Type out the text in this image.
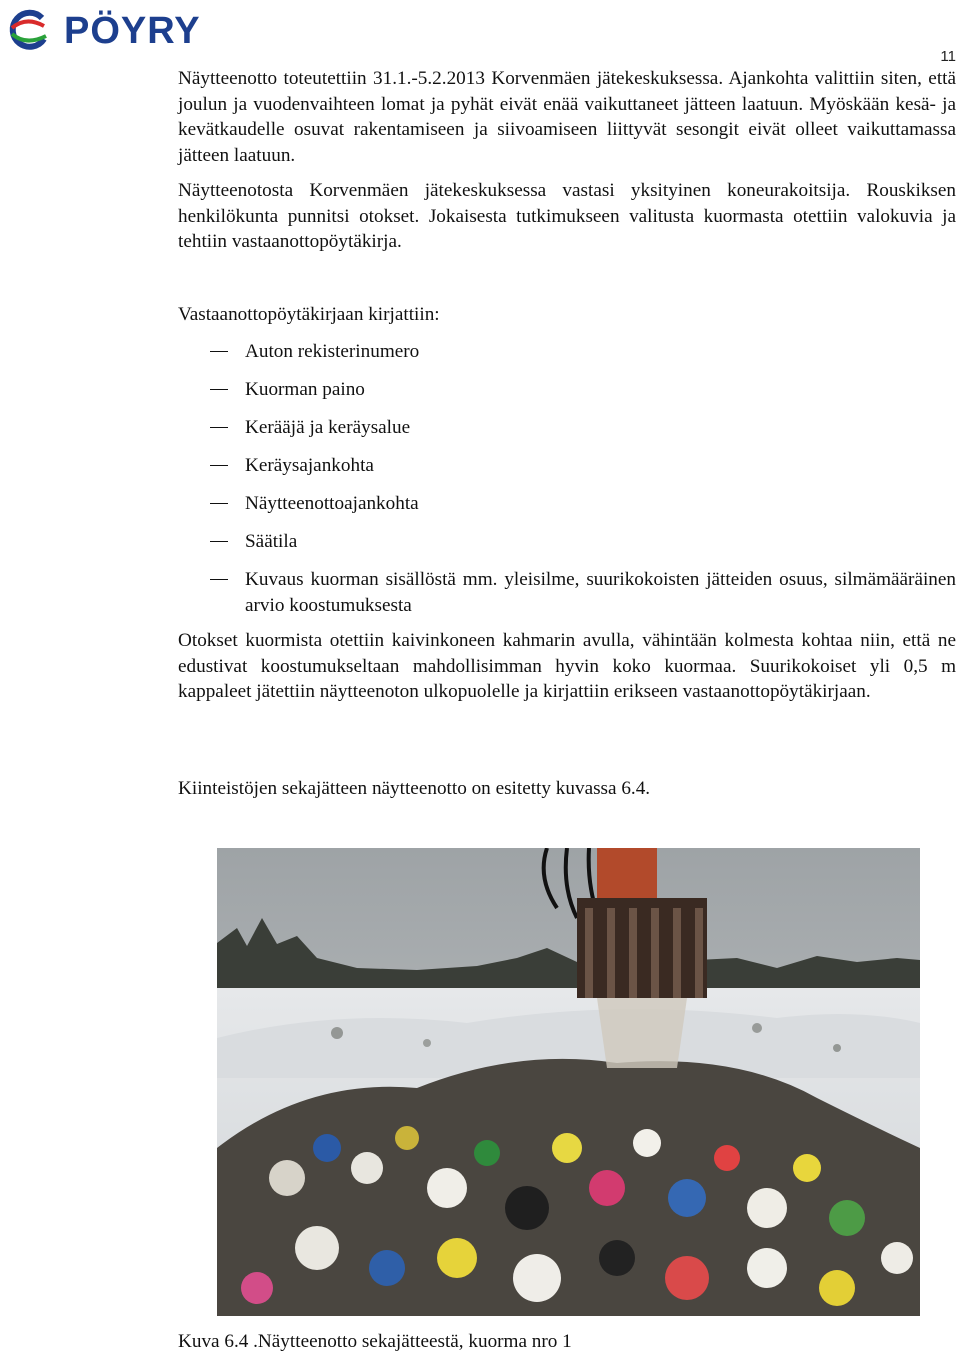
PÖYRY
11

Näytteenotto toteutettiin 31.1.-5.2.2013 Korvenmäen jätekeskuksessa. Ajankohta valittiin siten, että joulun ja vuodenvaihteen lomat ja pyhät eivät enää vaikuttaneet jätteen laatuun. Myöskään kesä- ja kevätkaudelle osuvat rakentamiseen ja siivoamiseen liittyvät sesongit eivät olleet vaikuttamassa jätteen laatuun.

Näytteenotosta Korvenmäen jätekeskuksessa vastasi yksityinen koneurakoitsija. Rouskiksen henkilökunta punnitsi otokset. Jokaisesta tutkimukseen valitusta kuormasta otettiin valokuvia ja tehtiin vastaanottopöytäkirja.

Vastaanottopöytäkirjaan kirjattiin:

Auton rekisterinumero
Kuorman paino
Kerääjä ja keräysalue
Keräysajankohta
Näytteenottoajankohta
Säätila
Kuvaus kuorman sisällöstä mm. yleisilme, suurikokoisten jätteiden osuus, silmämääräinen arvio koostumuksesta

Otokset kuormista otettiin kaivinkoneen kahmarin avulla, vähintään kolmesta kohtaa niin, että ne edustivat koostumukseltaan mahdollisimman hyvin koko kuormaa. Suurikokoiset yli 0,5 m kappaleet jätettiin näytteenoton ulkopuolelle ja kirjattiin erikseen vastaanottopöytäkirjaan.

Kiinteistöjen sekajätteen näytteenotto on esitetty kuvassa 6.4.

Kuva 6.4 .Näytteenotto sekajätteestä, kuorma nro 1
